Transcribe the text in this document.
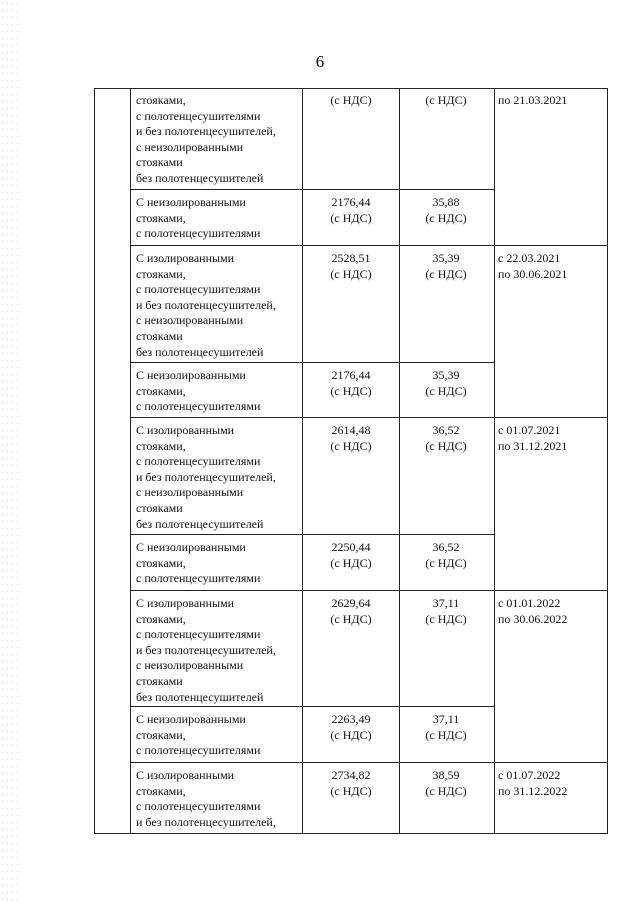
6
стояками,
с полотенцесушителями
и без полотенцесушителей,
с неизолированными
стояками
без полотенцесушителей
(с НДС)	(с НДС)	по 21.03.2021
С неизолированными
стояками,
с полотенцесушителями
2176,44
(с НДС)
35,88
(с НДС)
С изолированными
стояками,
с полотенцесушителями
и без полотенцесушителей,
с неизолированными
стояками
без полотенцесушителей
2528,51
(с НДС)
35,39
(с НДС)
с 22.03.2021
по 30.06.2021
С неизолированными
стояками,
с полотенцесушителями
2176,44
(с НДС)
35,39
(с НДС)
С изолированными
стояками,
с полотенцесушителями
и без полотенцесушителей,
с неизолированными
стояками
без полотенцесушителей
2614,48
(с НДС)
36,52
(с НДС)
с 01.07.2021
по 31.12.2021
С неизолированными
стояками,
с полотенцесушителями
2250,44
(с НДС)
36,52
(с НДС)
С изолированными
стояками,
с полотенцесушителями
и без полотенцесушителей,
с неизолированными
стояками
без полотенцесушителей
2629,64
(с НДС)
37,11
(с НДС)
с 01.01.2022
по 30.06.2022
С неизолированными
стояками,
с полотенцесушителями
2263,49
(с НДС)
37,11
(с НДС)
С изолированными
стояками,
с полотенцесушителями
и без полотенцесушителей,
2734,82
(с НДС)
38,59
(с НДС)
с 01.07.2022
по 31.12.2022
